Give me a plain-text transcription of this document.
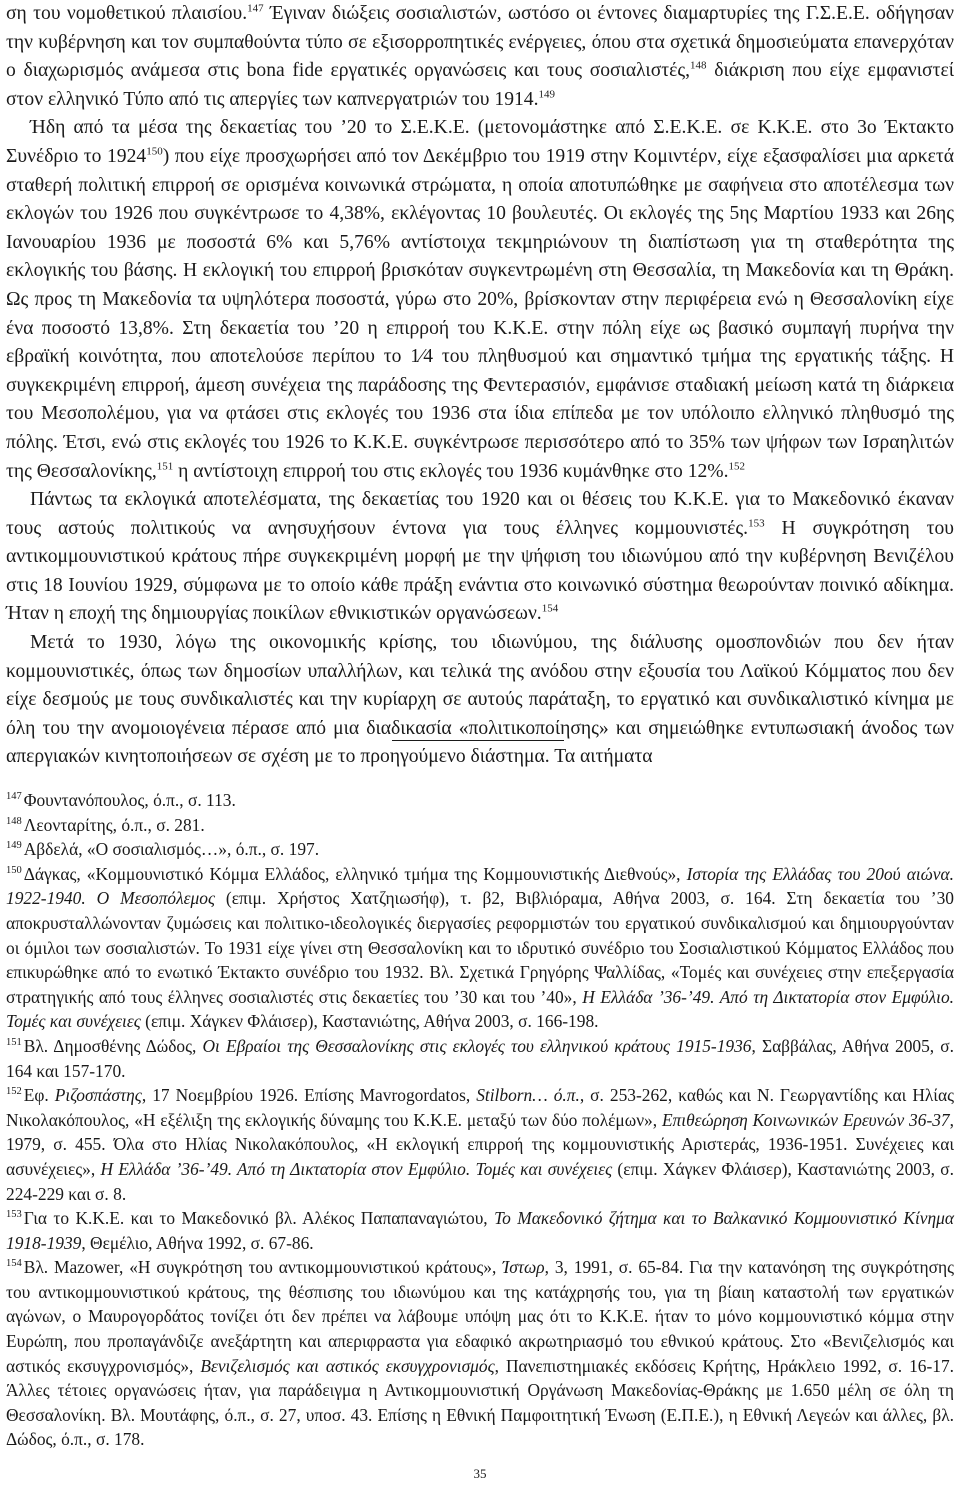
ση του νομοθετικού πλαισίου.$^{147}$ Έγιναν διώξεις σοσιαλιστών, ωστόσο οι έντονες διαμαρτυρίες της Γ.Σ.Ε.Ε. οδήγησαν την κυβέρνηση και τον συμπαθούντα τύπο σε εξισορροπητικές ενέργειες, όπου στα σχετικά δημοσιεύματα επανερχόταν ο διαχωρισμός ανάμεσα στις bona fide εργατικές οργανώσεις και τους σοσιαλιστές,$^{148}$ διάκριση που είχε εμφανιστεί στον ελληνικό Τύπο από τις απεργίες των καπνεργατριών του 1914.$^{149}$

Ήδη από τα μέσα της δεκαετίας του ’20 το Σ.Ε.Κ.Ε. (μετονομάστηκε από Σ.Ε.Κ.Ε. σε Κ.Κ.Ε. στο 3ο Έκτακτο Συνέδριο το 1924$^{150}$) που είχε προσχωρήσει από τον Δεκέμβριο του 1919 στην Κομιντέρν, είχε εξασφαλίσει μια αρκετά σταθερή πολιτική επιρροή σε ορισμένα κοινωνικά στρώματα, η οποία αποτυπώθηκε με σαφήνεια στο αποτέλεσμα των εκλογών του 1926 που συγκέντρωσε το 4,38%, εκλέγοντας 10 βουλευτές. Οι εκλογές της 5ης Μαρτίου 1933 και 26ης Ιανουαρίου 1936 με ποσοστά 6% και 5,76% αντίστοιχα τεκμηριώνουν τη διαπίστωση για τη σταθερότητα της εκλογικής του βάσης. Η εκλογική του επιρροή βρισκόταν συγκεντρωμένη στη Θεσσαλία, τη Μακεδονία και τη Θράκη. Ως προς τη Μακεδονία τα υψηλότερα ποσοστά, γύρω στο 20%, βρίσκονταν στην περιφέρεια ενώ η Θεσσαλονίκη είχε ένα ποσοστό 13,8%. Στη δεκαετία του ’20 η επιρροή του Κ.Κ.Ε. στην πόλη είχε ως βασικό συμπαγή πυρήνα την εβραϊκή κοινότητα, που αποτελούσε περίπου το 1⁄4 του πληθυσμού και σημαντικό τμήμα της εργατικής τάξης. Η συγκεκριμένη επιρροή, άμεση συνέχεια της παράδοσης της Φεντερασιόν, εμφάνισε σταδιακή μείωση κατά τη διάρκεια του Μεσοπολέμου, για να φτάσει στις εκλογές του 1936 στα ίδια επίπεδα με τον υπόλοιπο ελληνικό πληθυσμό της πόλης. Έτσι, ενώ στις εκλογές του 1926 το Κ.Κ.Ε. συγκέντρωσε περισσότερο από το 35% των ψήφων των Ισραηλιτών της Θεσσαλονίκης,$^{151}$ η αντίστοιχη επιρροή του στις εκλογές του 1936 κυμάνθηκε στο 12%.$^{152}$

Πάντως τα εκλογικά αποτελέσματα, της δεκαετίας του 1920 και οι θέσεις του Κ.Κ.Ε. για το Μακεδονικό έκαναν τους αστούς πολιτικούς να ανησυχήσουν έντονα για τους έλληνες κομμουνιστές.$^{153}$ Η συγκρότηση του αντικομμουνιστικού κράτους πήρε συγκεκριμένη μορφή με την ψήφιση του ιδιωνύμου από την κυβέρνηση Βενιζέλου στις 18 Ιουνίου 1929, σύμφωνα με το οποίο κάθε πράξη ενάντια στο κοινωνικό σύστημα θεωρούνταν ποινικό αδίκημα. Ήταν η εποχή της δημιουργίας ποικίλων εθνικιστικών οργανώσεων.$^{154}$

Μετά το 1930, λόγω της οικονομικής κρίσης, του ιδιωνύμου, της διάλυσης ομοσπονδιών που δεν ήταν κομμουνιστικές, όπως των δημοσίων υπαλλήλων, και τελικά της ανόδου στην εξουσία του Λαϊκού Κόμματος που δεν είχε δεσμούς με τους συνδικαλιστές και την κυρίαρχη σε αυτούς παράταξη, το εργατικό και συνδικαλιστικό κίνημα με όλη του την ανομοιογένεια πέρασε από μια διαδικασία «πολιτικοποίησης» και σημειώθηκε εντυπωσιακή άνοδος των απεργιακών κινητοποιήσεων σε σχέση με το προηγούμενο διάστημα. Τα αιτήματα

$^{147}$ Φουντανόπουλος, ό.π., σ. 113.

$^{148}$ Λεονταρίτης, ό.π., σ. 281.

$^{149}$ Αβδελά, «Ο σοσιαλισμός…», ό.π., σ. 197.

$^{150}$ Δάγκας, «Κομμουνιστικό Κόμμα Ελλάδος, ελληνικό τμήμα της Κομμουνιστικής Διεθνούς», Ιστορία της Ελλάδας του 20ού αιώνα. 1922-1940. Ο Μεσοπόλεμος (επιμ. Χρήστος Χατζηιωσήφ), τ. β2, Βιβλιόραμα, Αθήνα 2003, σ. 164. Στη δεκαετία του ’30 αποκρυσταλλώνονταν ζυμώσεις και πολιτικο-ιδεολογικές διεργασίες ρεφορμιστών του εργατικού συνδικαλισμού και δημιουργούνταν οι όμιλοι των σοσιαλιστών. Το 1931 είχε γίνει στη Θεσσαλονίκη και το ιδρυτικό συνέδριο του Σοσιαλιστικού Κόμματος Ελλάδος που επικυρώθηκε από το ενωτικό Έκτακτο συνέδριο του 1932. Βλ. Σχετικά Γρηγόρης Ψαλλίδας, «Τομές και συνέχειες στην επεξεργασία στρατηγικής από τους έλληνες σοσιαλιστές στις δεκαετίες του ’30 και του ’40», Η Ελλάδα ’36-’49. Από τη Δικτατορία στον Εμφύλιο. Τομές και συνέχειες (επιμ. Χάγκεν Φλάισερ), Καστανιώτης, Αθήνα 2003, σ. 166-198.

$^{151}$ Βλ. Δημοσθένης Δώδος, Οι Εβραίοι της Θεσσαλονίκης στις εκλογές του ελληνικού κράτους 1915-1936, Σαββάλας, Αθήνα 2005, σ. 164 και 157-170.

$^{152}$ Εφ. Ριζοσπάστης, 17 Νοεμβρίου 1926. Επίσης Mavrogordatos, Stilborn… ό.π., σ. 253-262, καθώς και Ν. Γεωργαντίδης και Ηλίας Νικολακόπουλος, «Η εξέλιξη της εκλογικής δύναμης του Κ.Κ.Ε. μεταξύ των δύο πολέμων», Επιθεώρηση Κοινωνικών Ερευνών 36-37, 1979, σ. 455. Όλα στο Ηλίας Νικολακόπουλος, «Η εκλογική επιρροή της κομμουνιστικής Αριστεράς, 1936-1951. Συνέχειες και ασυνέχειες», Η Ελλάδα ’36-’49. Από τη Δικτατορία στον Εμφύλιο. Τομές και συνέχειες (επιμ. Χάγκεν Φλάισερ), Καστανιώτης 2003, σ. 224-229 και σ. 8.

$^{153}$ Για το Κ.Κ.Ε. και το Μακεδονικό βλ. Αλέκος Παπαπαναγιώτου, Το Μακεδονικό ζήτημα και το Βαλκανικό Κομμουνιστικό Κίνημα 1918-1939, Θεμέλιο, Αθήνα 1992, σ. 67-86.

$^{154}$ Βλ. Mazower, «Η συγκρότηση του αντικομμουνιστικού κράτους», Ίστωρ, 3, 1991, σ. 65-84. Για την κατανόηση της συγκρότησης του αντικομμουνιστικού κράτους, της θέσπισης του ιδιωνύμου και της κατάχρησής του, για τη βίαιη καταστολή των εργατικών αγώνων, ο Μαυρογορδάτος τονίζει ότι δεν πρέπει να λάβουμε υπόψη μας ότι το Κ.Κ.Ε. ήταν το μόνο κομμουνιστικό κόμμα στην Ευρώπη, που προπαγάνδιζε ανεξάρτητη και απεριφραστα για εδαφικό ακρωτηριασμό του εθνικού κράτους. Στο «Βενιζελισμός και αστικός εκσυγχρονισμός», Βενιζελισμός και αστικός εκσυγχρονισμός, Πανεπιστημιακές εκδόσεις Κρήτης, Ηράκλειο 1992, σ. 16-17. Άλλες τέτοιες οργανώσεις ήταν, για παράδειγμα η Αντικομμουνιστική Οργάνωση Μακεδονίας-Θράκης με 1.650 μέλη σε όλη τη Θεσσαλονίκη. Βλ. Μουτάφης, ό.π., σ. 27, υποσ. 43. Επίσης η Εθνική Παμφοιτητική Ένωση (Ε.Π.Ε.), η Εθνική Λεγεών και άλλες, βλ. Δώδος, ό.π., σ. 178.

35
